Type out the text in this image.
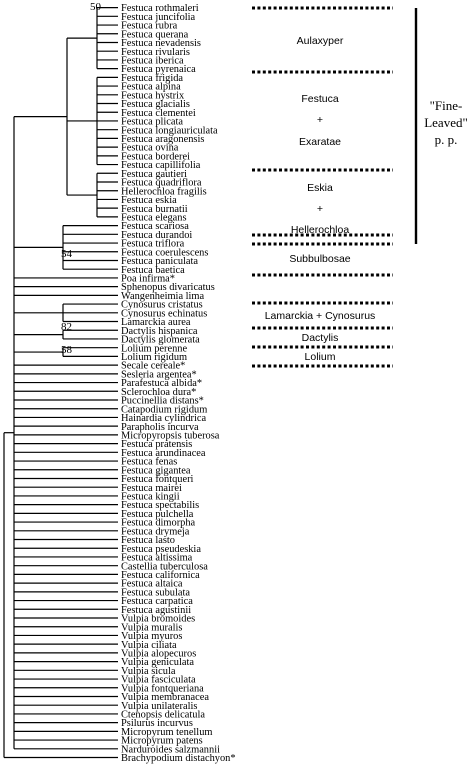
Festuca rothmaleri
Festuca juncifolia
Festuca rubra
Festuca querana
Festuca nevadensis
Festuca rivularis
Festuca iberica
Festuca pyrenaica
Festuca frigida
Festuca alpina
Festuca hystrix
Festuca glacialis
Festuca clementei
Festuca plicata
Festuca longiauriculata
Festuca aragonensis
Festuca ovina
Festuca borderei
Festuca capillifolia
Festuca gautieri
Festuca quadriflora
Hellerochloa fragilis
Festuca eskia
Festuca burnatii
Festuca elegans
Festuca scariosa
Festuca durandoi
Festuca triflora
Festuca coerulescens
Festuca paniculata
Festuca baetica
Poa infirma*
Sphenopus divaricatus
Wangenheimia lima
Cynosurus cristatus
Cynosurus echinatus
Lamarckia aurea
Dactylis hispanica
Dactylis glomerata
Lolium perenne
Lolium rigidum
Secale cereale*
Sesleria argentea*
Parafestuca albida*
Sclerochloa dura*
Puccinellia distans*
Catapodium rigidum
Hainardia cylindrica
Parapholis incurva
Micropyropsis tuberosa
Festuca pratensis
Festuca arundinacea
Festuca fenas
Festuca gigantea
Festuca fontqueri
Festuca mairei
Festuca kingii
Festuca spectabilis
Festuca pulchella
Festuca dimorpha
Festuca drymeja
Festuca lasto
Festuca pseudeskia
Festuca altissima
Castellia tuberculosa
Festuca californica
Festuca altaica
Festuca subulata
Festuca carpatica
Festuca agustinii
Vulpia bromoides
Vulpia muralis
Vulpia myuros
Vulpia ciliata
Vulpia alopecuros
Vulpia geniculata
Vulpia sicula
Vulpia fasciculata
Vulpia fontqueriana
Vulpia membranacea
Vulpia unilateralis
Ctenopsis delicatula
Psilurus incurvus
Micropyrum tenellum
Micropyrum patens
Narduroides salzmannii
Brachypodium distachyon*
50
54
82
58
Aulaxyper
Festuca
+
Exaratae
Eskia
+
Hellerochloa
Subbulbosae
Lamarckia + Cynosurus
Dactylis
Lolium
"Fine-
Leaved"
p. p.
